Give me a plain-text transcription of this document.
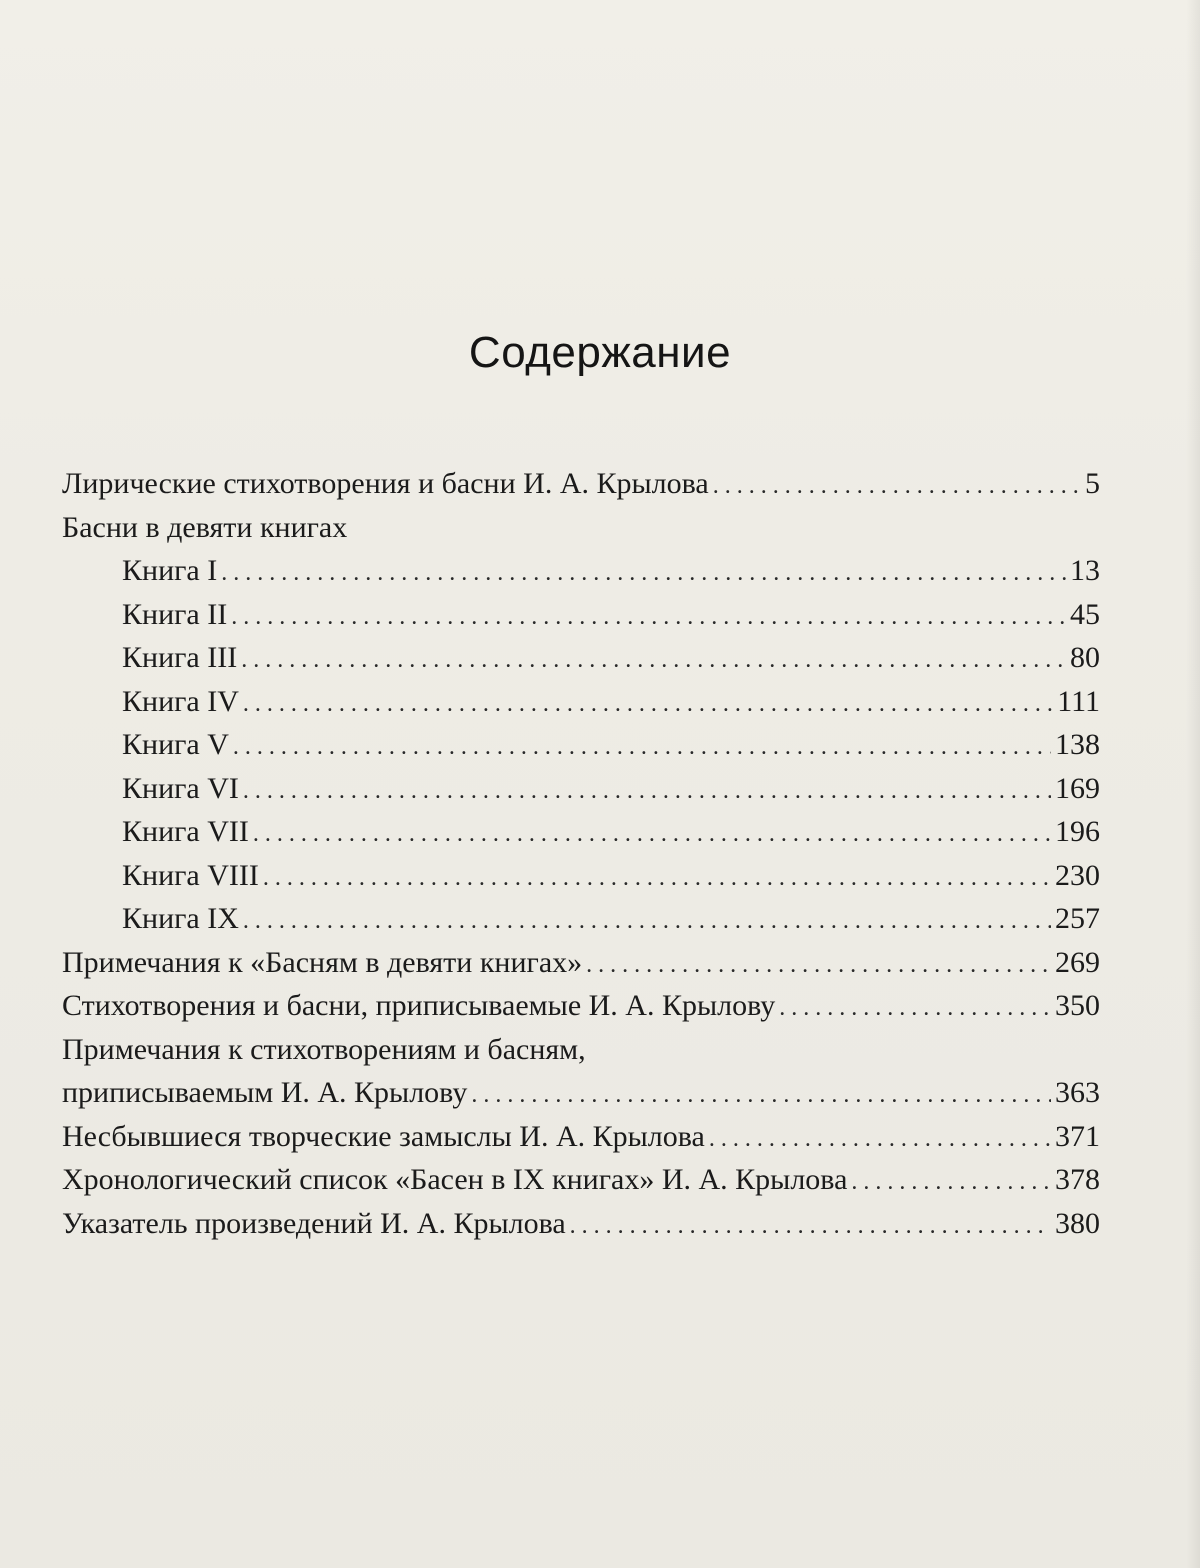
Содержание
Лирические стихотворения и басни И. А. Крылова . . .	5
Басни в девяти книгах
Книга I . . .	13
Книга II . . .	45
Книга III . . .	80
Книга IV . . .	111
Книга V . . .	138
Книга VI . . .	169
Книга VII . . .	196
Книга VIII . . .	230
Книга IX . . .	257
Примечания к «Басням в девяти книгах» . . .	269
Стихотворения и басни, приписываемые И. А. Крылову . . .	350
Примечания к стихотворениям и басням,
приписываемым И. А. Крылову . . .	363
Несбывшиеся творческие замыслы И. А. Крылова . . .	371
Хронологический список «Басен в IX книгах» И. А. Крылова . . .	378
Указатель произведений И. А. Крылова . . .	380
